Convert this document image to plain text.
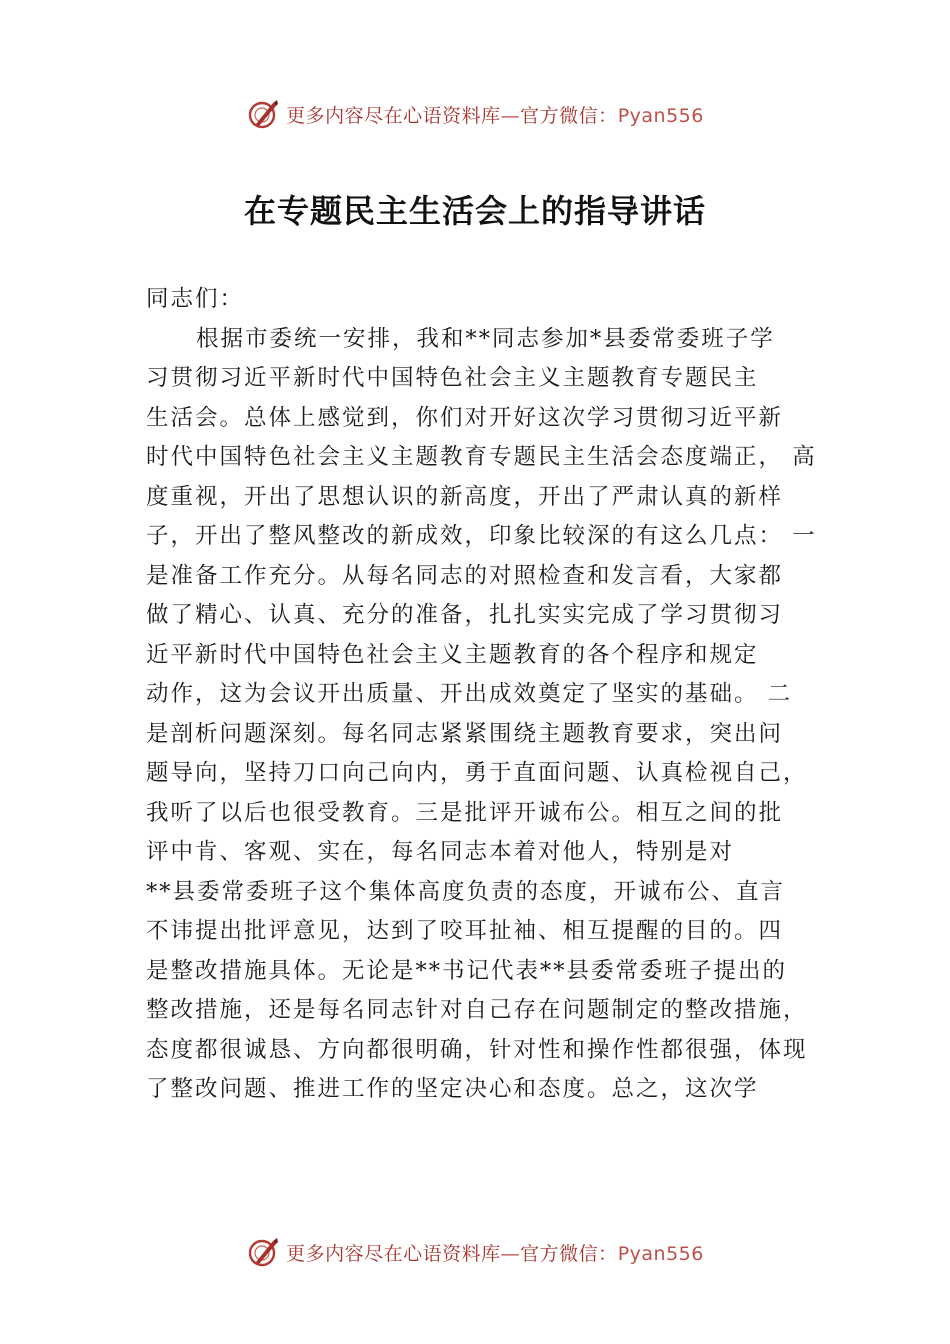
更多内容尽在心语资料库—官方微信：Pyan556
在专题民主生活会上的指导讲话
同志们：
根据市委统一安排，我和**同志参加*县委常委班子学
习贯彻习近平新时代中国特色社会主义主题教育专题民主
生活会。总体上感觉到，你们对开好这次学习贯彻习近平新
时代中国特色社会主义主题教育专题民主生活会态度端正， 高
度重视，开出了思想认识的新高度，开出了严肃认真的新样
子，开出了整风整改的新成效，印象比较深的有这么几点： 一
是准备工作充分。从每名同志的对照检查和发言看，大家都
做了精心、认真、充分的准备，扎扎实实完成了学习贯彻习
近平新时代中国特色社会主义主题教育的各个程序和规定
动作，这为会议开出质量、开出成效奠定了坚实的基础。 二
是剖析问题深刻。每名同志紧紧围绕主题教育要求，突出问
题导向，坚持刀口向己向内，勇于直面问题、认真检视自己，
我听了以后也很受教育。三是批评开诚布公。相互之间的批
评中肯、客观、实在，每名同志本着对他人，特别是对
**县委常委班子这个集体高度负责的态度，开诚布公、直言
不讳提出批评意见，达到了咬耳扯袖、相互提醒的目的。四
是整改措施具体。无论是**书记代表**县委常委班子提出的
整改措施，还是每名同志针对自己存在问题制定的整改措施，
态度都很诚恳、方向都很明确，针对性和操作性都很强，体现
了整改问题、推进工作的坚定决心和态度。总之，这次学
更多内容尽在心语资料库—官方微信：Pyan556
